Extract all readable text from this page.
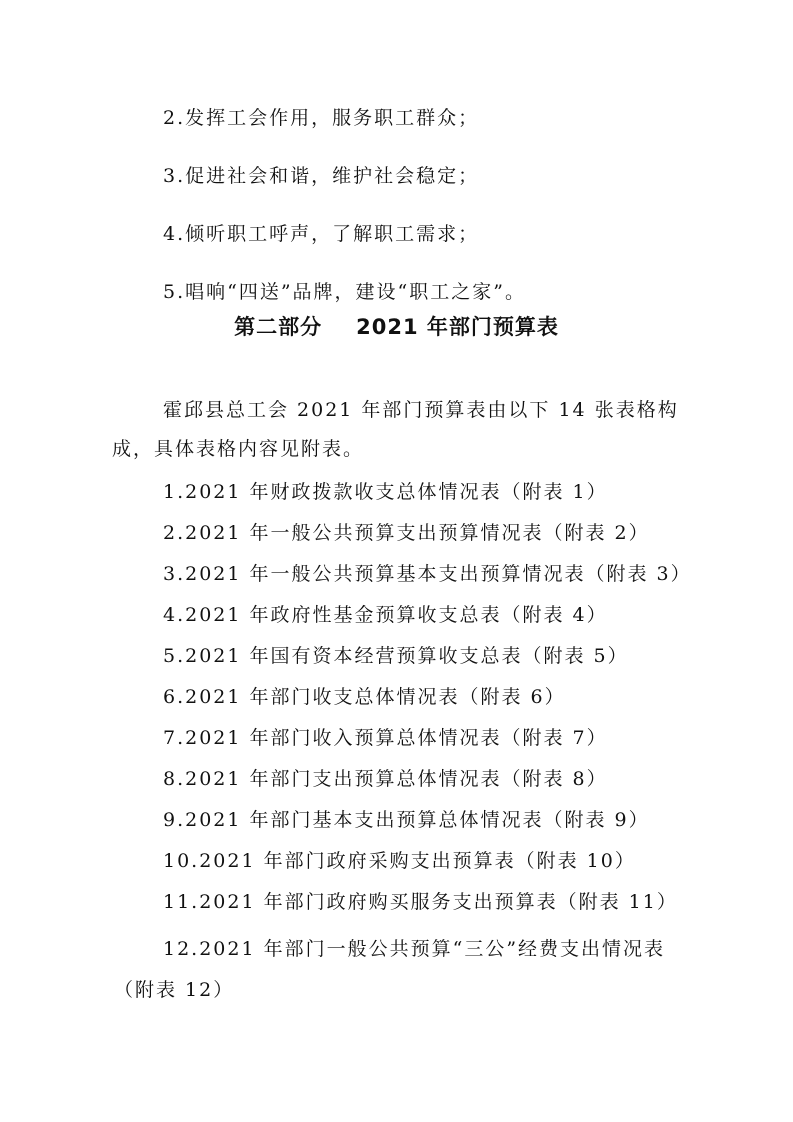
2.发挥工会作用，服务职工群众；
3.促进社会和谐，维护社会稳定；
4.倾听职工呼声，了解职工需求；
5.唱响“四送”品牌，建设“职工之家”。
第二部分 2021 年部门预算表
霍邱县总工会 2021 年部门预算表由以下 14 张表格构
成，具体表格内容见附表。
1.2021 年财政拨款收支总体情况表（附表 1）
2.2021 年一般公共预算支出预算情况表（附表 2）
3.2021 年一般公共预算基本支出预算情况表（附表 3）
4.2021 年政府性基金预算收支总表（附表 4）
5.2021 年国有资本经营预算收支总表（附表 5）
6.2021 年部门收支总体情况表（附表 6）
7.2021 年部门收入预算总体情况表（附表 7）
8.2021 年部门支出预算总体情况表（附表 8）
9.2021 年部门基本支出预算总体情况表（附表 9）
10.2021 年部门政府采购支出预算表（附表 10）
11.2021 年部门政府购买服务支出预算表（附表 11）
12.2021 年部门一般公共预算“三公”经费支出情况表
（附表 12）
